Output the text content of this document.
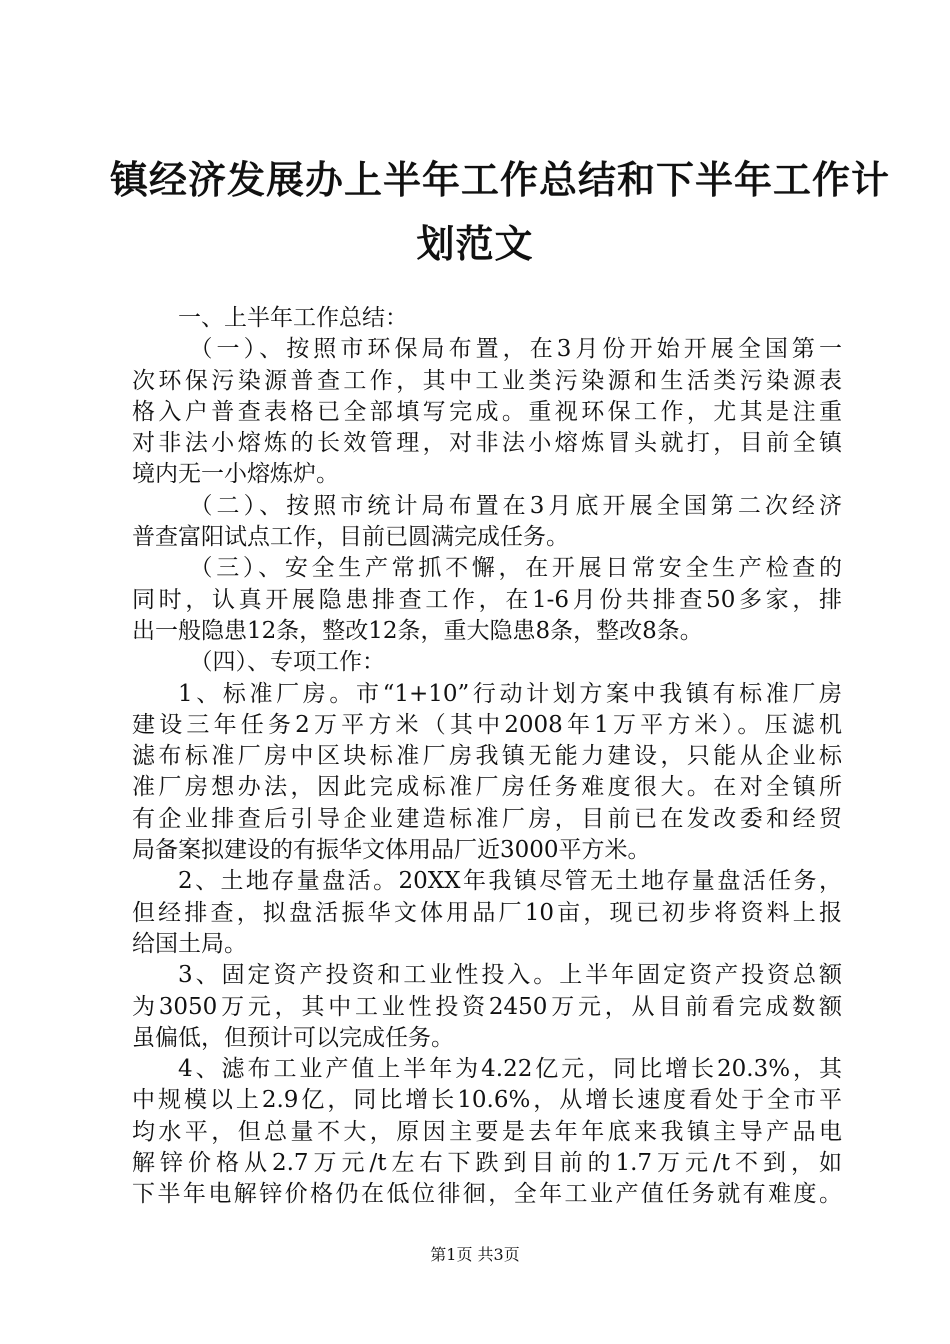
镇经济发展办上半年工作总结和下半年工作计
划范文
一、上半年工作总结：
（一）、按照市环保局布置，在3月份开始开展全国第一
次环保污染源普查工作，其中工业类污染源和生活类污染源表
格入户普查表格已全部填写完成。重视环保工作，尤其是注重
对非法小熔炼的长效管理，对非法小熔炼冒头就打，目前全镇
境内无一小熔炼炉。
（二）、按照市统计局布置在3月底开展全国第二次经济
普查富阳试点工作，目前已圆满完成任务。
（三）、安全生产常抓不懈，在开展日常安全生产检查的
同时，认真开展隐患排查工作，在1-6月份共排查50多家，排
出一般隐患12条，整改12条，重大隐患8条，整改8条。
（四）、专项工作：
1、标准厂房。市“1+10”行动计划方案中我镇有标准厂房
建设三年任务2万平方米（其中2008年1万平方米）。压滤机
滤布标准厂房中区块标准厂房我镇无能力建设，只能从企业标
准厂房想办法，因此完成标准厂房任务难度很大。在对全镇所
有企业排查后引导企业建造标准厂房，目前已在发改委和经贸
局备案拟建设的有振华文体用品厂近3000平方米。
2、土地存量盘活。20XX年我镇尽管无土地存量盘活任务，
但经排查，拟盘活振华文体用品厂10亩，现已初步将资料上报
给国土局。
3、固定资产投资和工业性投入。上半年固定资产投资总额
为3050万元，其中工业性投资2450万元，从目前看完成数额
虽偏低，但预计可以完成任务。
4、滤布工业产值上半年为4.22亿元，同比增长20.3%，其
中规模以上2.9亿，同比增长10.6%，从增长速度看处于全市平
均水平，但总量不大，原因主要是去年年底来我镇主导产品电
解锌价格从2.7万元/t左右下跌到目前的1.7万元/t不到，如
下半年电解锌价格仍在低位徘徊，全年工业产值任务就有难度。
第1页 共3页
